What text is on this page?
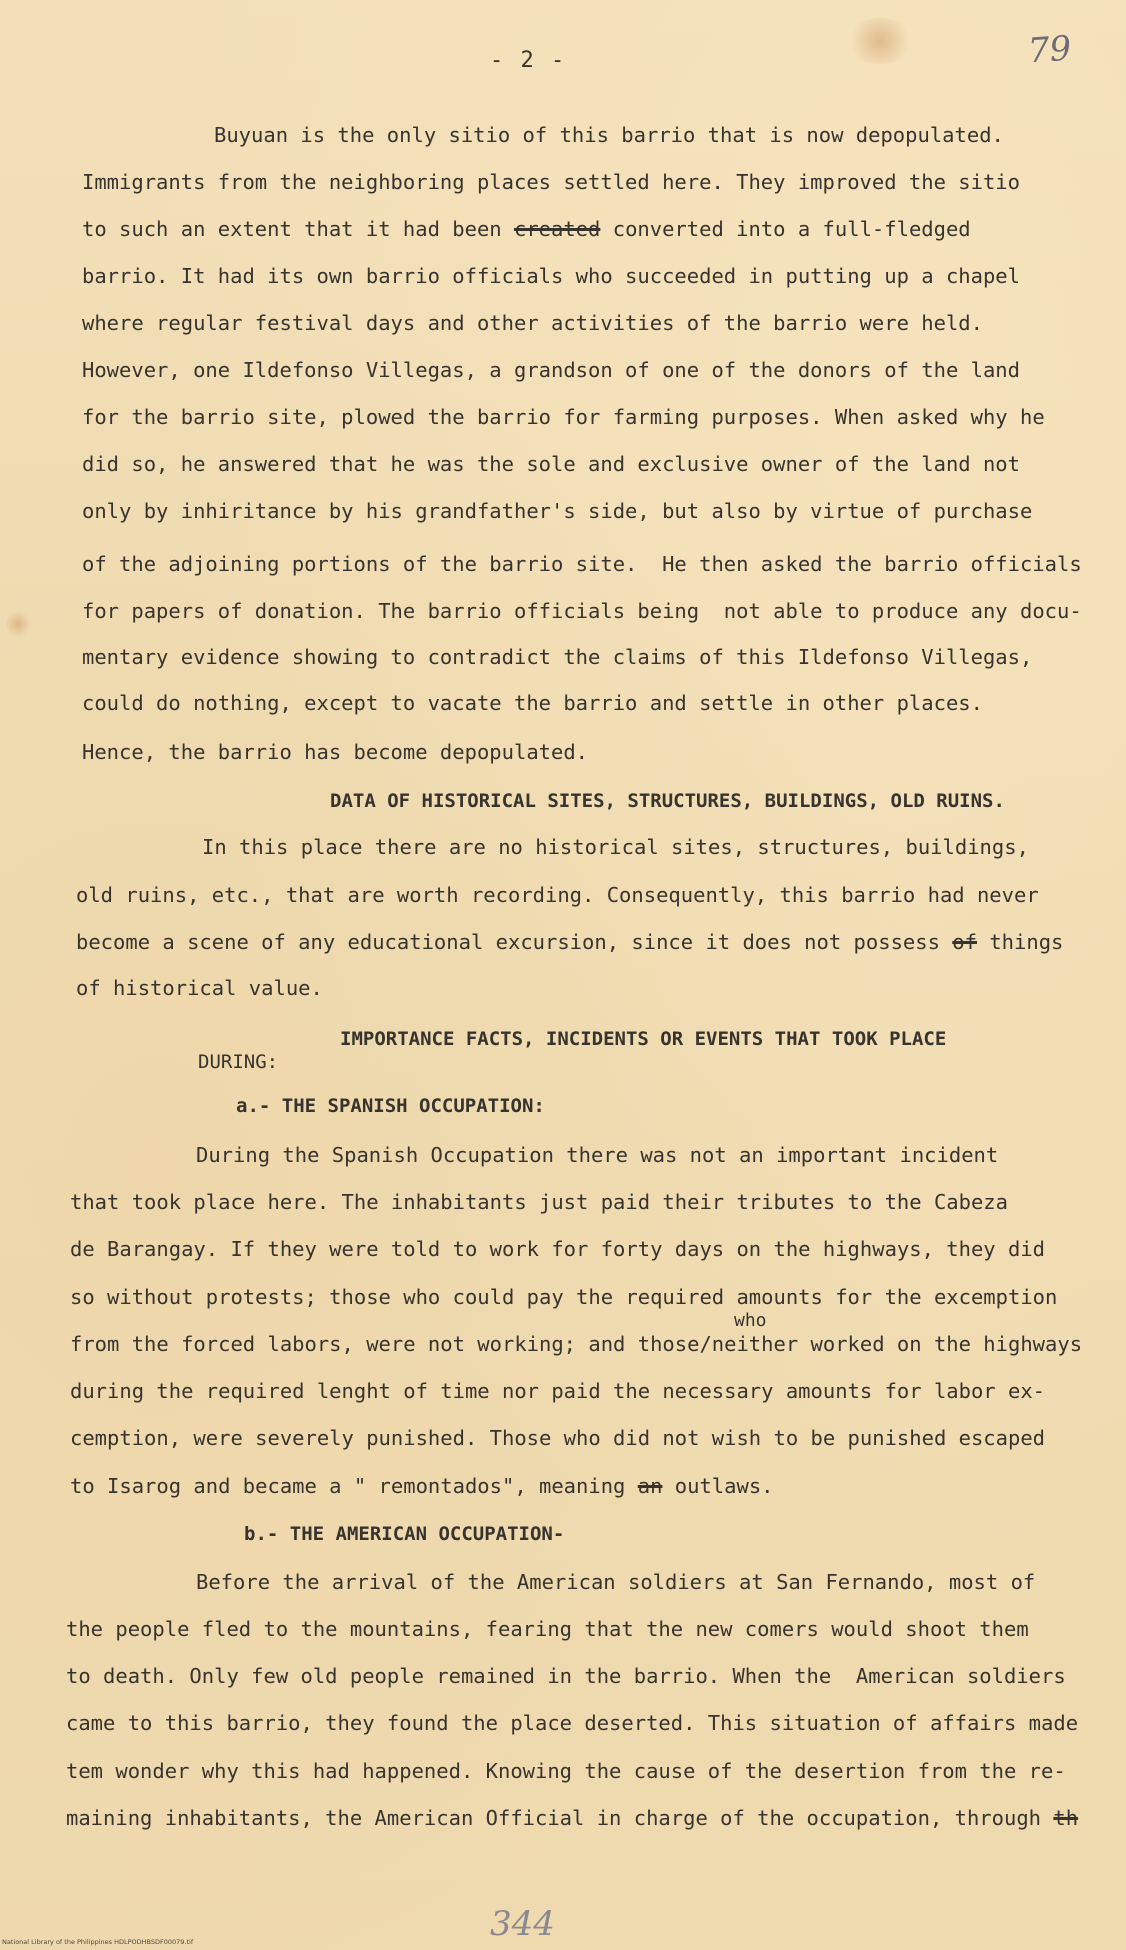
- 2 -	79
Buyuan is the only sitio of this barrio that is now depopulated.
Immigrants from the neighboring places settled here. They improved the sitio
to such an extent that it had been created converted into a full-fledged
barrio. It had its own barrio officials who succeeded in putting up a chapel
where regular festival days and other activities of the barrio were held.
However, one Ildefonso Villegas, a grandson of one of the donors of the land
for the barrio site, plowed the barrio for farming purposes. When asked why he
did so, he answered that he was the sole and exclusive owner of the land not
only by inhiritance by his grandfather's side, but also by virtue of purchase
of the adjoining portions of the barrio site.  He then asked the barrio officials
for papers of donation. The barrio officials being  not able to produce any docu-
mentary evidence showing to contradict the claims of this Ildefonso Villegas,
could do nothing, except to vacate the barrio and settle in other places.
Hence, the barrio has become depopulated.
DATA OF HISTORICAL SITES, STRUCTURES, BUILDINGS, OLD RUINS.
In this place there are no historical sites, structures, buildings,
old ruins, etc., that are worth recording. Consequently, this barrio had never
become a scene of any educational excursion, since it does not possess of things
of historical value.
IMPORTANCE FACTS, INCIDENTS OR EVENTS THAT TOOK PLACE
DURING:
a.- THE SPANISH OCCUPATION:
During the Spanish Occupation there was not an important incident
that took place here. The inhabitants just paid their tributes to the Cabeza
de Barangay. If they were told to work for forty days on the highways, they did
so without protests; those who could pay the required amounts for the excemption
who
from the forced labors, were not working; and those/neither worked on the highways
during the required lenght of time nor paid the necessary amounts for labor ex-
cemption, were severely punished. Those who did not wish to be punished escaped
to Isarog and became a " remontados", meaning an outlaws.
b.- THE AMERICAN OCCUPATION-
Before the arrival of the American soldiers at San Fernando, most of
the people fled to the mountains, fearing that the new comers would shoot them
to death. Only few old people remained in the barrio. When the  American soldiers
came to this barrio, they found the place deserted. This situation of affairs made
tem wonder why this had happened. Knowing the cause of the desertion from the re-
maining inhabitants, the American Official in charge of the occupation, through th
344
National Library of the Philippines HDLPODHBSDF00079.tif
